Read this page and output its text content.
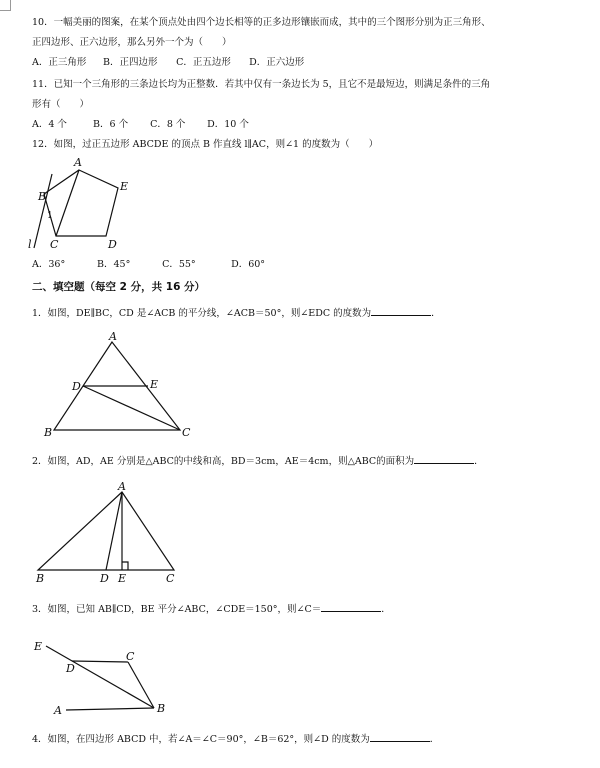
10．一幅美丽的图案，在某个顶点处由四个边长相等的正多边形镶嵌而成，其中的三个图形分别为正三角形、
正四边形、正六边形，那么另外一个为（　　）
A．正三角形 B．正四边形 C．正五边形 D．正六边形
11．已知一个三角形的三条边长均为正整数．若其中仅有一条边长为 5，且它不是最短边，则满足条件的三角
形有（　　）
A．4 个	B．6 个 C．8 个 D．10 个
12．如图，过正五边形 ABCDE 的顶点 B 作直线 l∥AC，则∠1 的度数为（　　）
A
E
B
1
C	D
l
A．36°	B．45°	C．55°	D．60°
二、填空题（每空 2 分，共 16 分）
1．如图，DE∥BC，CD 是∠ACB 的平分线，∠ACB＝50°，则∠EDC 的度数为	．
A
D	E
B	C
2．如图，AD，AE 分别是△ABC的中线和高，BD＝3cm，AE＝4cm，则△ABC的面积为	．
A
B	D E	C
3．如图，已知 AB∥CD，BE 平分∠ABC，∠CDE＝150°，则∠C＝	．
E
D
C
A	B
4．如图，在四边形 ABCD 中，若∠A＝∠C＝90°，∠B＝62°，则∠D 的度数为	．
